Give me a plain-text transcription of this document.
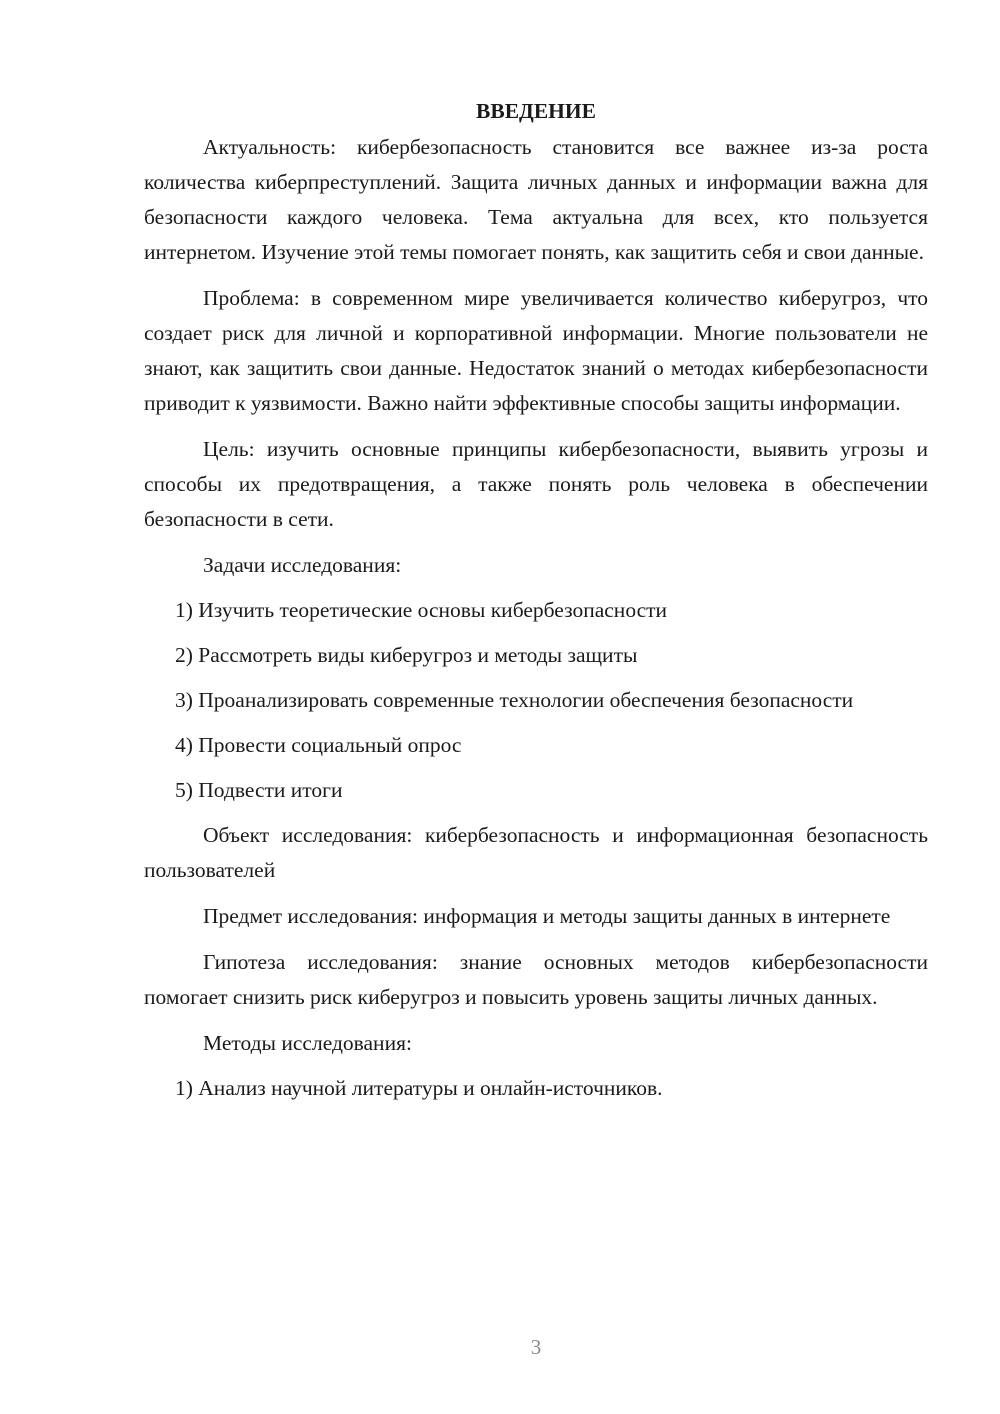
ВВЕДЕНИЕ

Актуальность: кибербезопасность становится все важнее из-за роста количества киберпреступлений. Защита личных данных и информации важна для безопасности каждого человека. Тема актуальна для всех, кто пользуется интернетом. Изучение этой темы помогает понять, как защитить себя и свои данные.

Проблема: в современном мире увеличивается количество киберугроз, что создает риск для личной и корпоративной информации. Многие пользователи не знают, как защитить свои данные. Недостаток знаний о методах кибербезопасности приводит к уязвимости. Важно найти эффективные способы защиты информации.

Цель: изучить основные принципы кибербезопасности, выявить угрозы и способы их предотвращения, а также понять роль человека в обеспечении безопасности в сети.

Задачи исследования:

1) Изучить теоретические основы кибербезопасности

2) Рассмотреть виды киберугроз и методы защиты

3) Проанализировать современные технологии обеспечения безопасности

4) Провести социальный опрос

5) Подвести итоги

Объект исследования: кибербезопасность и информационная безопасность пользователей

Предмет исследования: информация и методы защиты данных в интернете

Гипотеза исследования: знание основных методов кибербезопасности помогает снизить риск киберугроз и повысить уровень защиты личных данных.

Методы исследования:

1) Анализ научной литературы и онлайн-источников.

3
